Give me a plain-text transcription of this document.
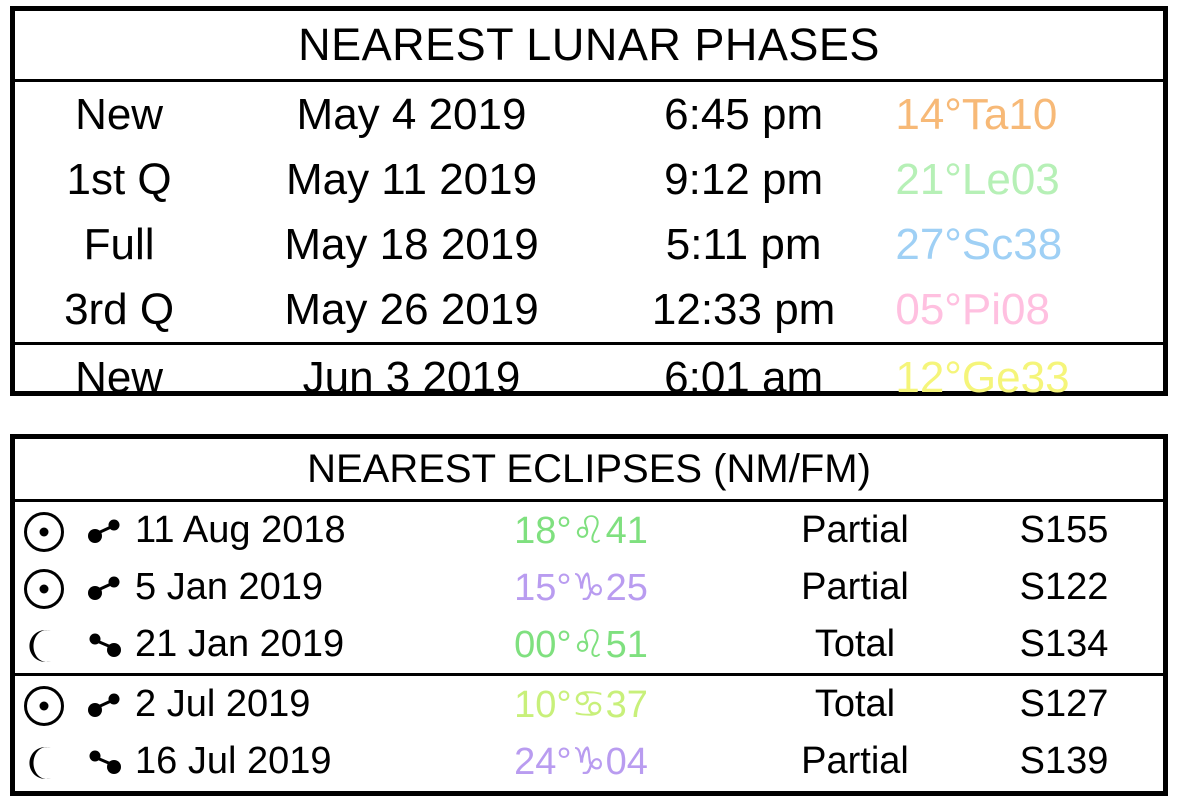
NEAREST LUNAR PHASES
New	May 4 2019	6:45 pm	14°Ta10
1st Q	May 11 2019	9:12 pm	21°Le03
Full	May 18 2019	5:11 pm	27°Sc38
3rd Q	May 26 2019	12:33 pm	05°Pi08
New	Jun 3 2019	6:01 am	12°Ge33
NEAREST ECLIPSES (NM/FM)
11 Aug 2018	18°♌41	Partial	S155
5 Jan 2019	15°♑25	Partial	S122
21 Jan 2019	00°♌51	Total	S134
2 Jul 2019	10°♋37	Total	S127
16 Jul 2019	24°♑04	Partial	S139
